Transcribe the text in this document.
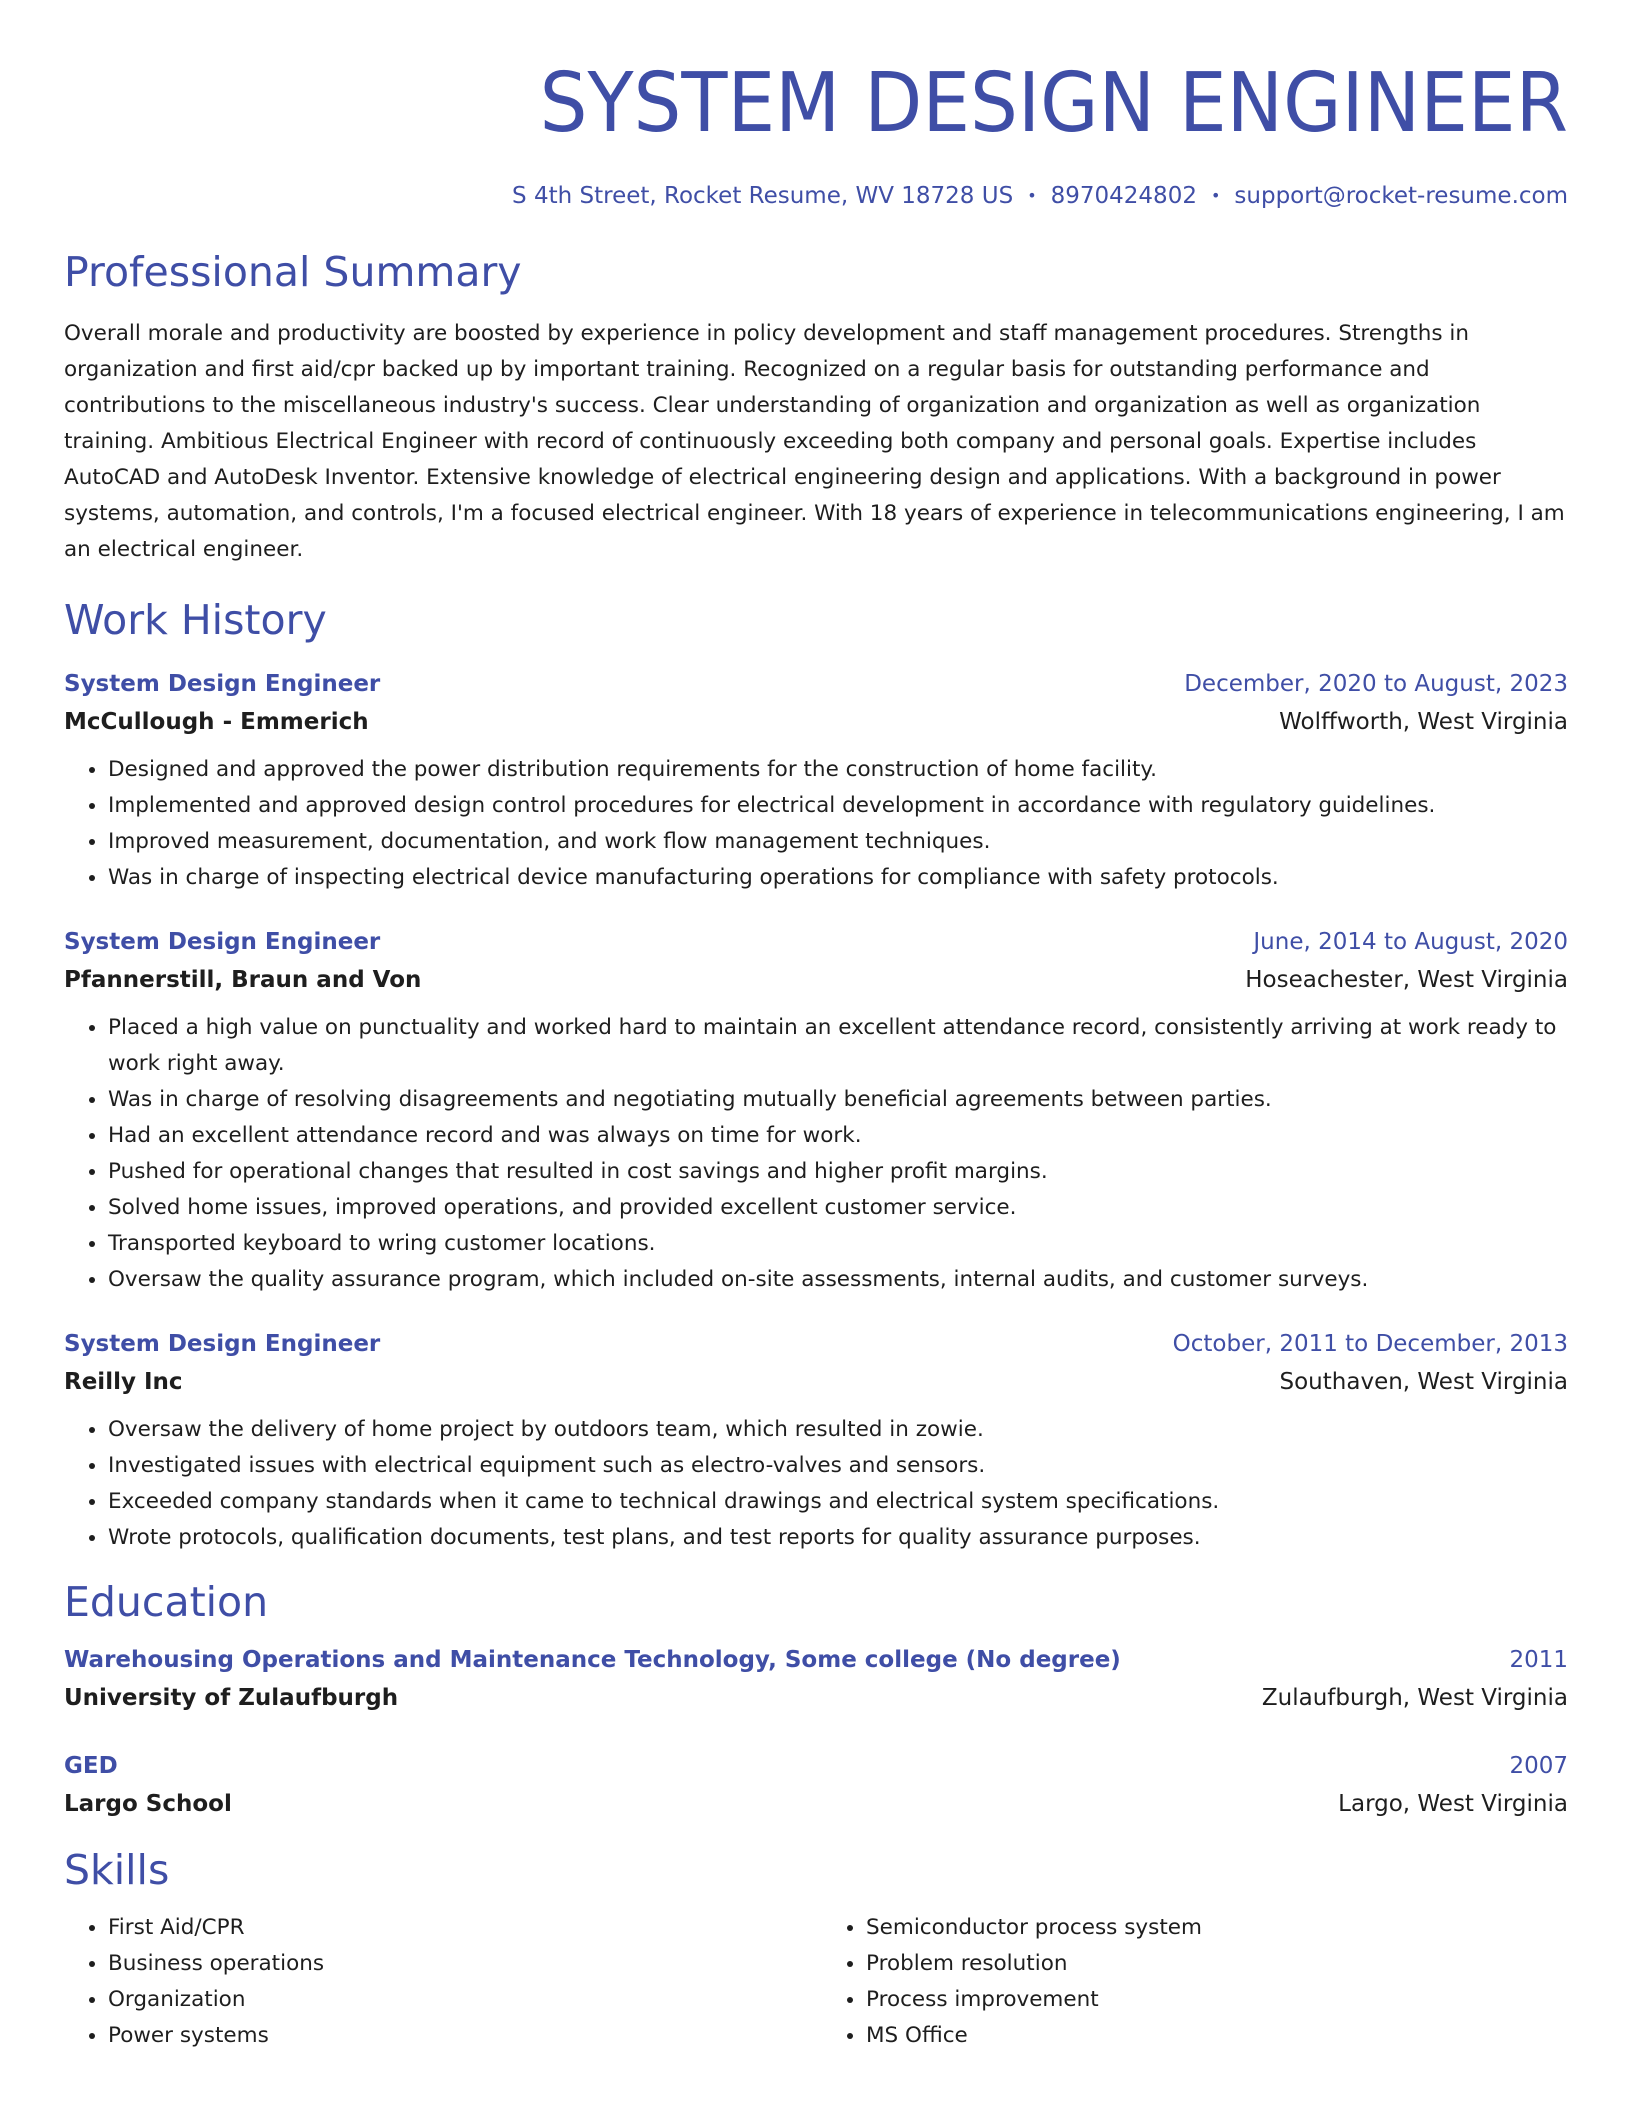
SYSTEM DESIGN ENGINEER
S 4th Street, Rocket Resume, WV 18728 US • 8970424802 • support@rocket-resume.com
Professional Summary
Overall morale and productivity are boosted by experience in policy development and staff management procedures. Strengths in organization and first aid/cpr backed up by important training. Recognized on a regular basis for outstanding performance and contributions to the miscellaneous industry's success. Clear understanding of organization and organization as well as organization training. Ambitious Electrical Engineer with record of continuously exceeding both company and personal goals. Expertise includes AutoCAD and AutoDesk Inventor. Extensive knowledge of electrical engineering design and applications. With a background in power systems, automation, and controls, I'm a focused electrical engineer. With 18 years of experience in telecommunications engineering, I am an electrical engineer.
Work History
System Design Engineer	December, 2020 to August, 2023
McCullough - Emmerich	Wolffworth, West Virginia
• Designed and approved the power distribution requirements for the construction of home facility.
• Implemented and approved design control procedures for electrical development in accordance with regulatory guidelines.
• Improved measurement, documentation, and work flow management techniques.
• Was in charge of inspecting electrical device manufacturing operations for compliance with safety protocols.
System Design Engineer	June, 2014 to August, 2020
Pfannerstill, Braun and Von	Hoseachester, West Virginia
• Placed a high value on punctuality and worked hard to maintain an excellent attendance record, consistently arriving at work ready to work right away.
• Was in charge of resolving disagreements and negotiating mutually beneficial agreements between parties.
• Had an excellent attendance record and was always on time for work.
• Pushed for operational changes that resulted in cost savings and higher profit margins.
• Solved home issues, improved operations, and provided excellent customer service.
• Transported keyboard to wring customer locations.
• Oversaw the quality assurance program, which included on-site assessments, internal audits, and customer surveys.
System Design Engineer	October, 2011 to December, 2013
Reilly Inc	Southaven, West Virginia
• Oversaw the delivery of home project by outdoors team, which resulted in zowie.
• Investigated issues with electrical equipment such as electro-valves and sensors.
• Exceeded company standards when it came to technical drawings and electrical system specifications.
• Wrote protocols, qualification documents, test plans, and test reports for quality assurance purposes.
Education
Warehousing Operations and Maintenance Technology, Some college (No degree)	2011
University of Zulaufburgh	Zulaufburgh, West Virginia
GED	2007
Largo School	Largo, West Virginia
Skills
• First Aid/CPR
• Business operations
• Organization
• Power systems
• Semiconductor process system
• Problem resolution
• Process improvement
• MS Office
